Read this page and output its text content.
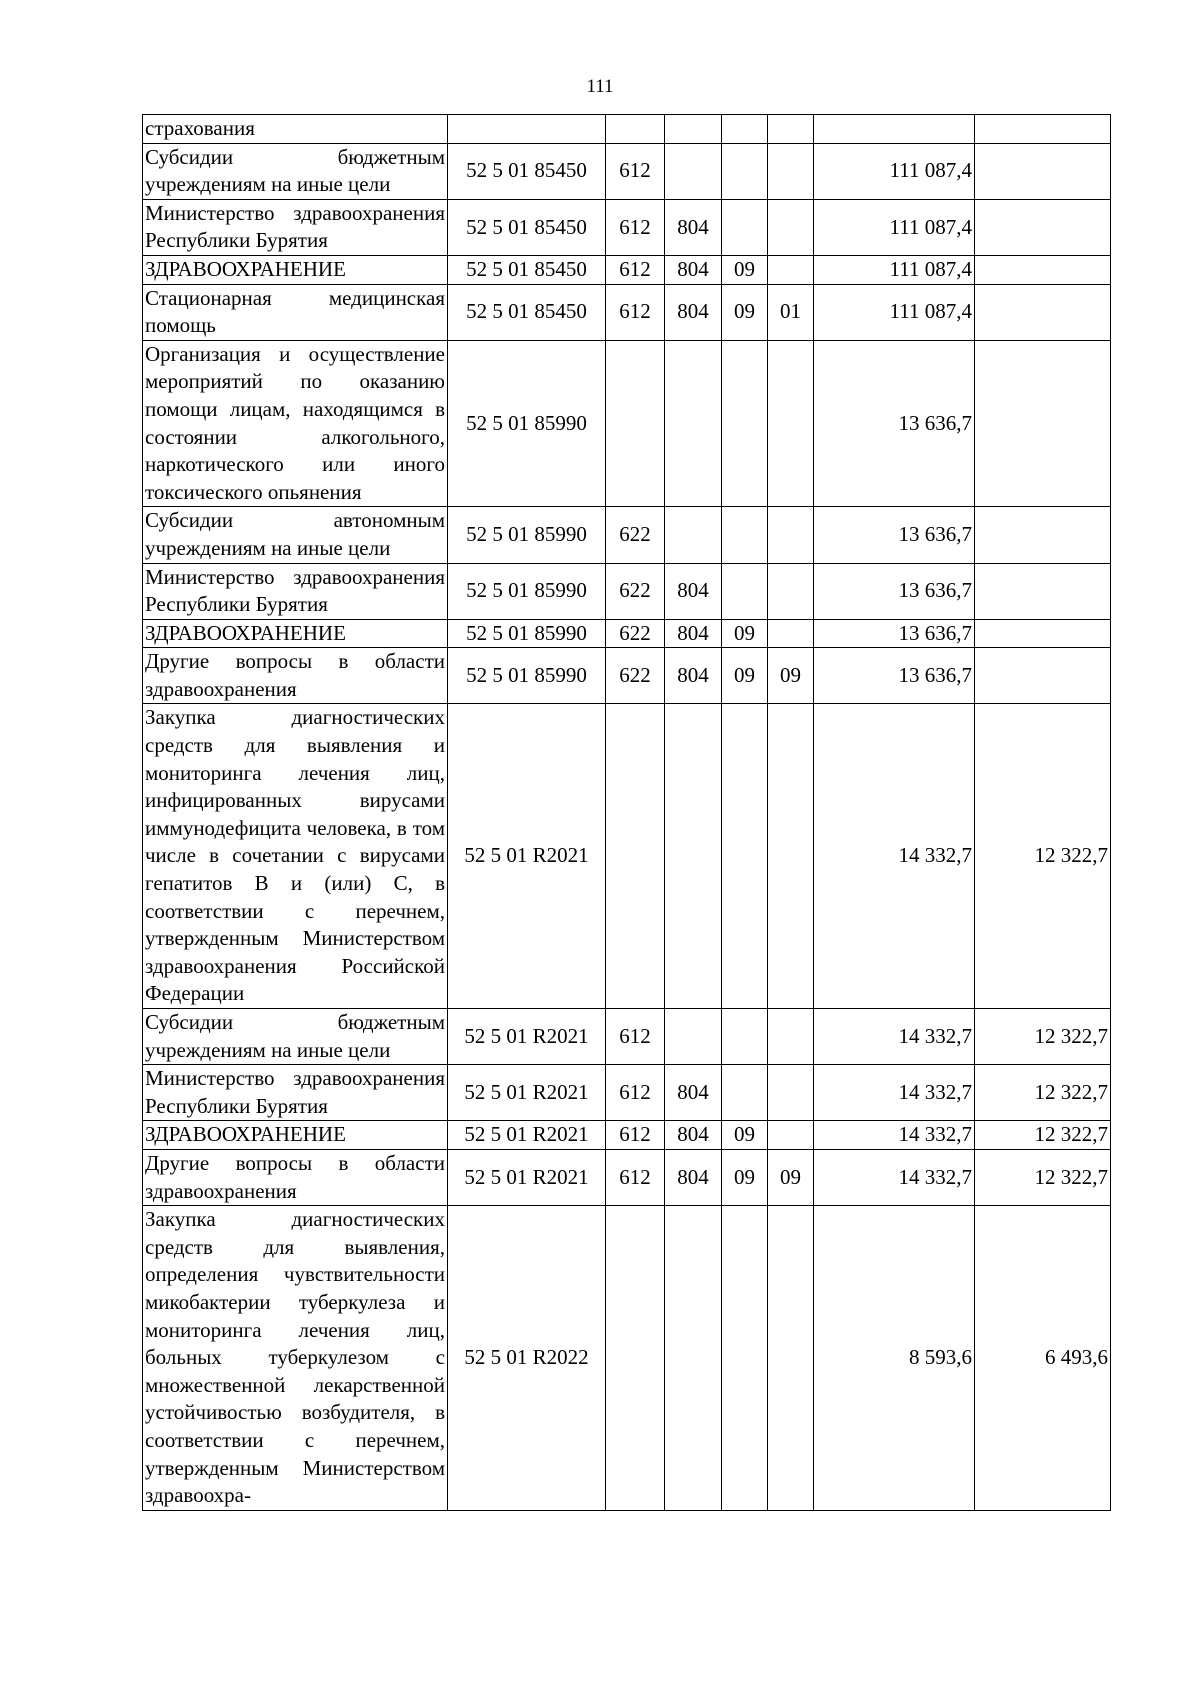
111
страхования							
Субсидии бюджетным учреждениям на иные цели	52 5 01 85450	612				111 087,4	
Министерство здравоохранения Республики Бурятия	52 5 01 85450	612	804			111 087,4	
ЗДРАВООХРАНЕНИЕ	52 5 01 85450	612	804	09		111 087,4	
Стационарная медицинская помощь	52 5 01 85450	612	804	09	01	111 087,4	
Организация и осуществление мероприятий по оказанию помощи лицам, находящимся в состоянии алкогольного, наркотического или иного токсического опьянения	52 5 01 85990					13 636,7	
Субсидии автономным учреждениям на иные цели	52 5 01 85990	622				13 636,7	
Министерство здравоохранения Республики Бурятия	52 5 01 85990	622	804			13 636,7	
ЗДРАВООХРАНЕНИЕ	52 5 01 85990	622	804	09		13 636,7	
Другие вопросы в области здравоохранения	52 5 01 85990	622	804	09	09	13 636,7	
Закупка диагностических средств для выявления и мониторинга лечения лиц, инфицированных вирусами иммунодефицита человека, в том числе в сочетании с вирусами гепатитов B и (или) C, в соответствии с перечнем, утвержденным Министерством здравоохранения Российской Федерации	52 5 01 R2021					14 332,7	12 322,7
Субсидии бюджетным учреждениям на иные цели	52 5 01 R2021	612				14 332,7	12 322,7
Министерство здравоохранения Республики Бурятия	52 5 01 R2021	612	804			14 332,7	12 322,7
ЗДРАВООХРАНЕНИЕ	52 5 01 R2021	612	804	09		14 332,7	12 322,7
Другие вопросы в области здравоохранения	52 5 01 R2021	612	804	09	09	14 332,7	12 322,7
Закупка диагностических средств для выявления, определения чувствительности микобактерии туберкулеза и мониторинга лечения лиц, больных туберкулезом с множественной лекарственной устойчивостью возбудителя, в соответствии с перечнем, утвержденным Министерством здравоохра-	52 5 01 R2022					8 593,6	6 493,6
